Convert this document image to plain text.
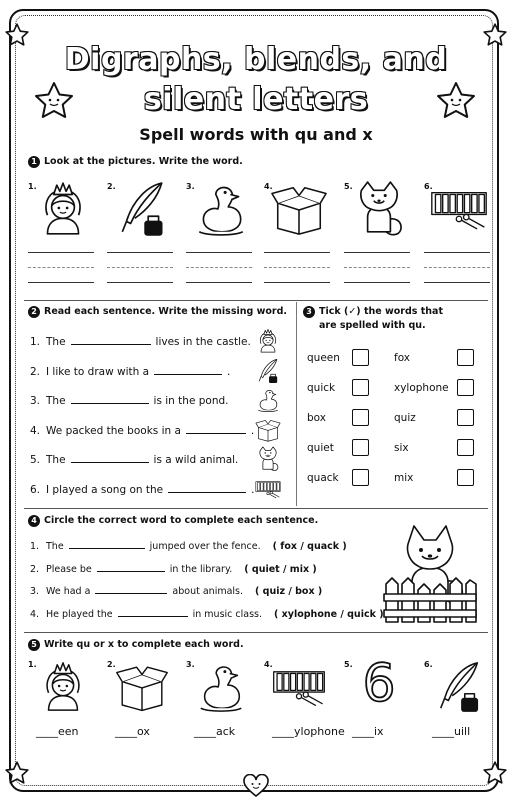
Digraphs, blends, and
silent letters
Spell words with qu and x
1 Look at the pictures. Write the word.
1.	2.	3.	4.	5.	6.
2 Read each sentence. Write the missing word.
1. The	lives in the castle.
2. I like to draw with a	.
3. The	is in the pond.
4. We packed the books in a	.
5. The	is a wild animal.
6. I played a song on the	.
3 Tick (✓) the words that
are spelled with qu.
queen
quick
box
quiet
quack
fox
xylophone
quiz
six
mix
4 Circle the correct word to complete each sentence.
1. The	jumped over the fence. ( fox / quack )
2. Please be	in the library. ( quiet / mix )
3. We had a	about animals. ( quiz / box )
4. He played the	in music class. ( xylophone / quick )
5 Write qu or x to complete each word.
1.
____een
2.
____ox
3.
____ack
4.
____ylophone
5. 6
____ix
6.
____uill
